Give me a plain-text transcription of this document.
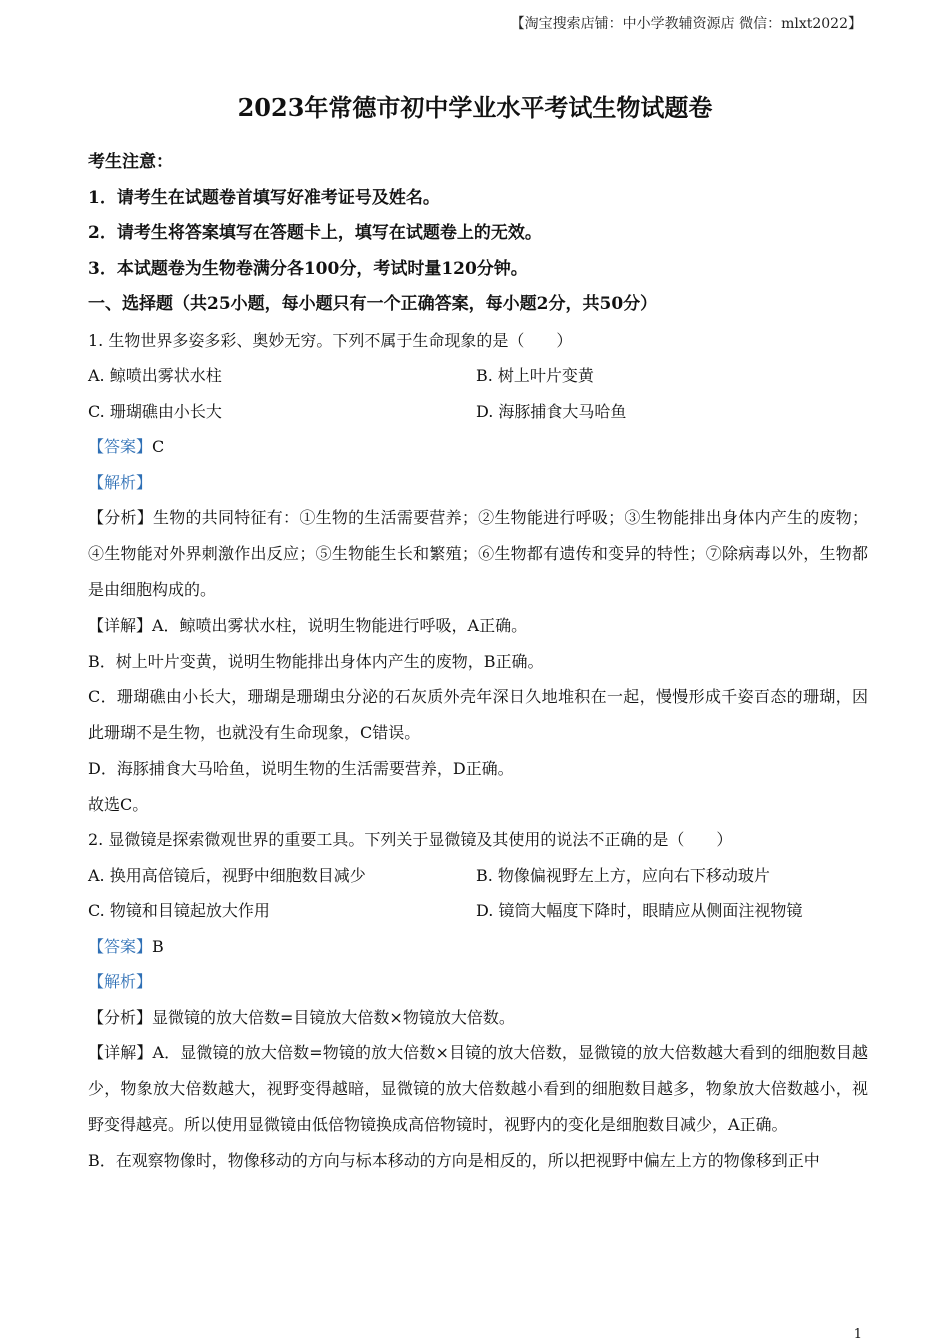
【淘宝搜索店铺：中小学教辅资源店 微信：mlxt2022】
2023年常德市初中学业水平考试生物试题卷
考生注意：
1．请考生在试题卷首填写好准考证号及姓名。
2．请考生将答案填写在答题卡上，填写在试题卷上的无效。
3．本试题卷为生物卷满分各100分，考试时量120分钟。
一、选择题（共25小题，每小题只有一个正确答案，每小题2分，共50分）
1. 生物世界多姿多彩、奥妙无穷。下列不属于生命现象的是（　　）
A. 鲸喷出雾状水柱	B. 树上叶片变黄
C. 珊瑚礁由小长大	D. 海豚捕食大马哈鱼
【答案】C
【解析】
【分析】生物的共同特征有：①生物的生活需要营养；②生物能进行呼吸；③生物能排出身体内产生的废物；④生物能对外界刺激作出反应；⑤生物能生长和繁殖；⑥生物都有遗传和变异的特性；⑦除病毒以外，生物都是由细胞构成的。
【详解】A．鲸喷出雾状水柱，说明生物能进行呼吸，A正确。
B．树上叶片变黄，说明生物能排出身体内产生的废物，B正确。
C．珊瑚礁由小长大，珊瑚是珊瑚虫分泌的石灰质外壳年深日久地堆积在一起，慢慢形成千姿百态的珊瑚，因此珊瑚不是生物，也就没有生命现象，C错误。
D．海豚捕食大马哈鱼，说明生物的生活需要营养，D正确。
故选C。
2. 显微镜是探索微观世界的重要工具。下列关于显微镜及其使用的说法不正确的是（　　）
A. 换用高倍镜后，视野中细胞数目减少	B. 物像偏视野左上方，应向右下移动玻片
C. 物镜和目镜起放大作用	D. 镜筒大幅度下降时，眼睛应从侧面注视物镜
【答案】B
【解析】
【分析】显微镜的放大倍数=目镜放大倍数×物镜放大倍数。
【详解】A．显微镜的放大倍数=物镜的放大倍数×目镜的放大倍数，显微镜的放大倍数越大看到的细胞数目越少，物象放大倍数越大，视野变得越暗，显微镜的放大倍数越小看到的细胞数目越多，物象放大倍数越小，视野变得越亮。所以使用显微镜由低倍物镜换成高倍物镜时，视野内的变化是细胞数目减少，A正确。
B．在观察物像时，物像移动的方向与标本移动的方向是相反的，所以把视野中偏左上方的物像移到正中
1
